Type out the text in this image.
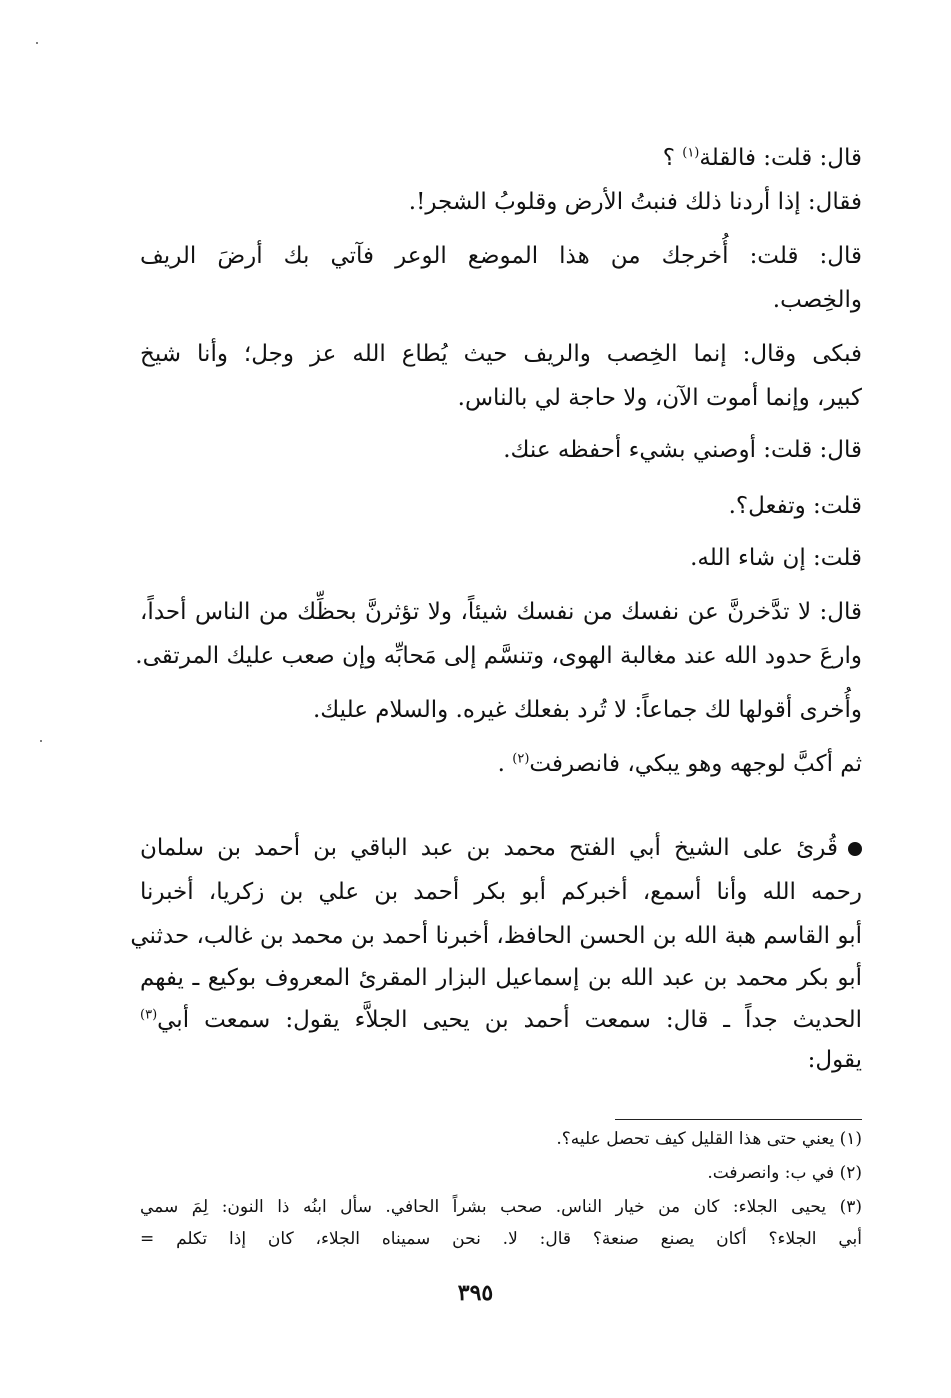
قال: قلت: فالقلة$^{(١)}$ ؟
فقال: إذا أردنا ذلك فنبتُ الأرض وقلوبُ الشجر!.
قال: قلت: أُخرجك من هذا الموضع الوعر فآتي بك أرضَ الريف
والخِصب.
فبكى وقال: إنما الخِصب والريف حيث يُطاع الله عز وجل؛ وأنا شيخ
كبير، وإنما أموت الآن، ولا حاجة لي بالناس.
قال: قلت: أوصني بشيء أحفظه عنك.
قلت: وتفعل؟.
قلت: إن شاء الله.
قال: لا تدَّخرنَّ عن نفسك من نفسك شيئاً، ولا تؤثرنَّ بحظِّك من الناس أحداً،
وارعَ حدود الله عند مغالبة الهوى، وتنسَّم إلى مَحابِّه وإن صعب عليك المرتقى.
وأُخرى أقولها لك جماعاً: لا تُرد بفعلك غيره. والسلام عليك.
ثم أكبَّ لوجهه وهو يبكي، فانصرفت$^{(٢)}$ .
قُرئ على الشيخ أبي الفتح محمد بن عبد الباقي بن أحمد بن سلمان
رحمه الله وأنا أسمع، أخبركم أبو بكر أحمد بن علي بن زكريا، أخبرنا
أبو القاسم هبة الله بن الحسن الحافظ، أخبرنا أحمد بن محمد بن غالب، حدثني
أبو بكر محمد بن عبد الله بن إسماعيل البزار المقرئ المعروف بوكيع ـ يفهم
الحديث جداً ـ قال: سمعت أحمد بن يحيى الجلاَّء يقول: سمعت أبي$^{(٣)}$
يقول:
(١) يعني حتى هذا القليل كيف تحصل عليه؟.
(٢) في ب: وانصرفت.
(٣) يحيى الجلاء: كان من خيار الناس. صحب بشراً الحافي. سأل ابنُه ذا النون: لِمَ سمي
أبي الجلاء؟ أكان يصنع صنعة؟ قال: لا. نحن سميناه الجلاء، كان إذا تكلم =
٣٩٥
